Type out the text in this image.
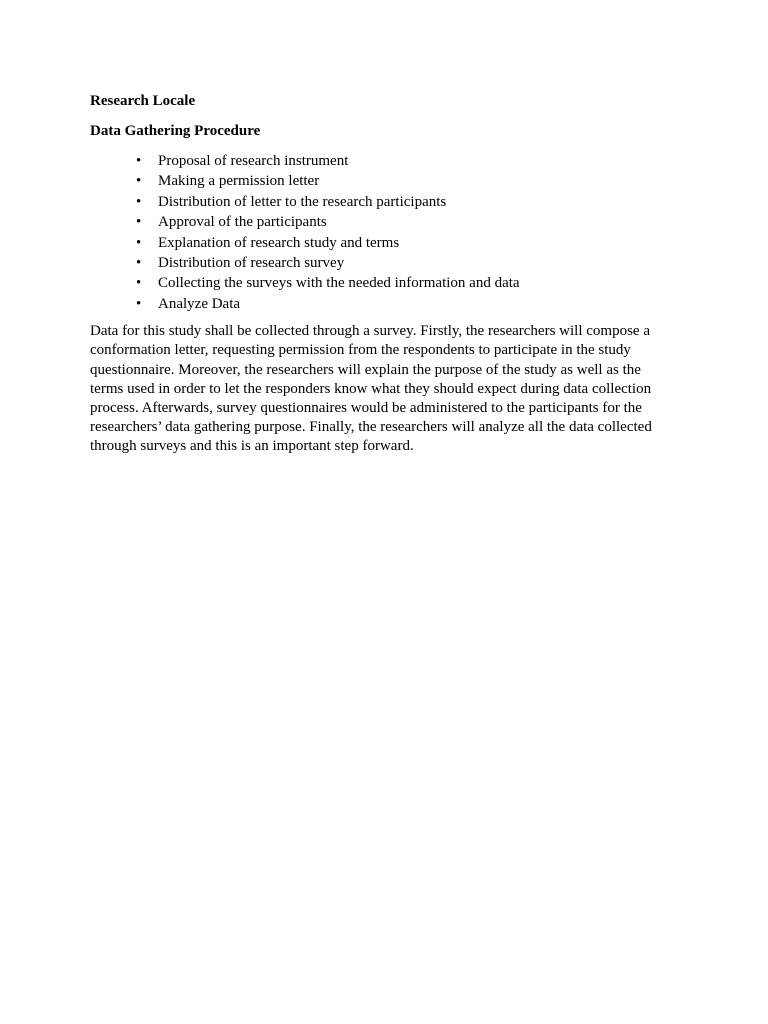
Research Locale

Data Gathering Procedure

•	Proposal of research instrument
•	Making a permission letter
•	Distribution of letter to the research participants
•	Approval of the participants
•	Explanation of research study and terms
•	Distribution of research survey
•	Collecting the surveys with the needed information and data
•	Analyze Data

Data for this study shall be collected through a survey. Firstly, the researchers will compose a conformation letter, requesting permission from the respondents to participate in the study questionnaire. Moreover, the researchers will explain the purpose of the study as well as the terms used in order to let the responders know what they should expect during data collection process. Afterwards, survey questionnaires would be administered to the participants for the researchers’ data gathering purpose. Finally, the researchers will analyze all the data collected through surveys and this is an important step forward.
